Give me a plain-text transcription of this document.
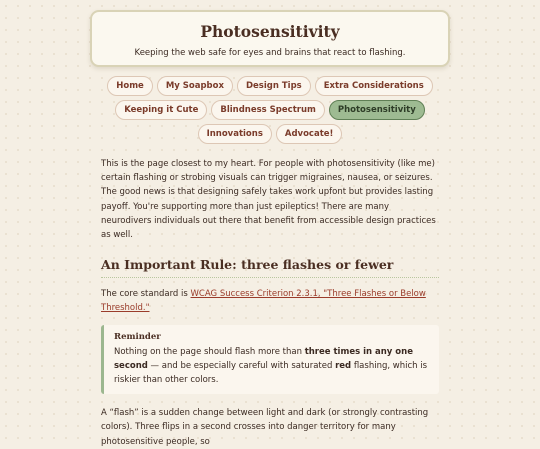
Photosensitivity

Keeping the web safe for eyes and brains that react to flashing.

Home	My Soapbox	Design Tips	Extra Considerations
Keeping it Cute	Blindness Spectrum	Photosensitivity
Innovations	Advocate!

This is the page closest to my heart. For people with photosensitivity (like me) certain flashing or strobing visuals can trigger migraines, nausea, or seizures. The good news is that designing safely takes work upfont but provides lasting payoff. You're supporting more than just epileptics! There are many neurodivers individuals out there that benefit from accessible design practices as well.

An Important Rule: three flashes or fewer

The core standard is WCAG Success Criterion 2.3.1, "Three Flashes or Below Threshold."

Reminder

Nothing on the page should flash more than three times in any one second — and be especially careful with saturated red flashing, which is riskier than other colors.

A “flash” is a sudden change between light and dark (or strongly contrasting colors). Three flips in a second crosses into danger territory for many photosensitive people, so
